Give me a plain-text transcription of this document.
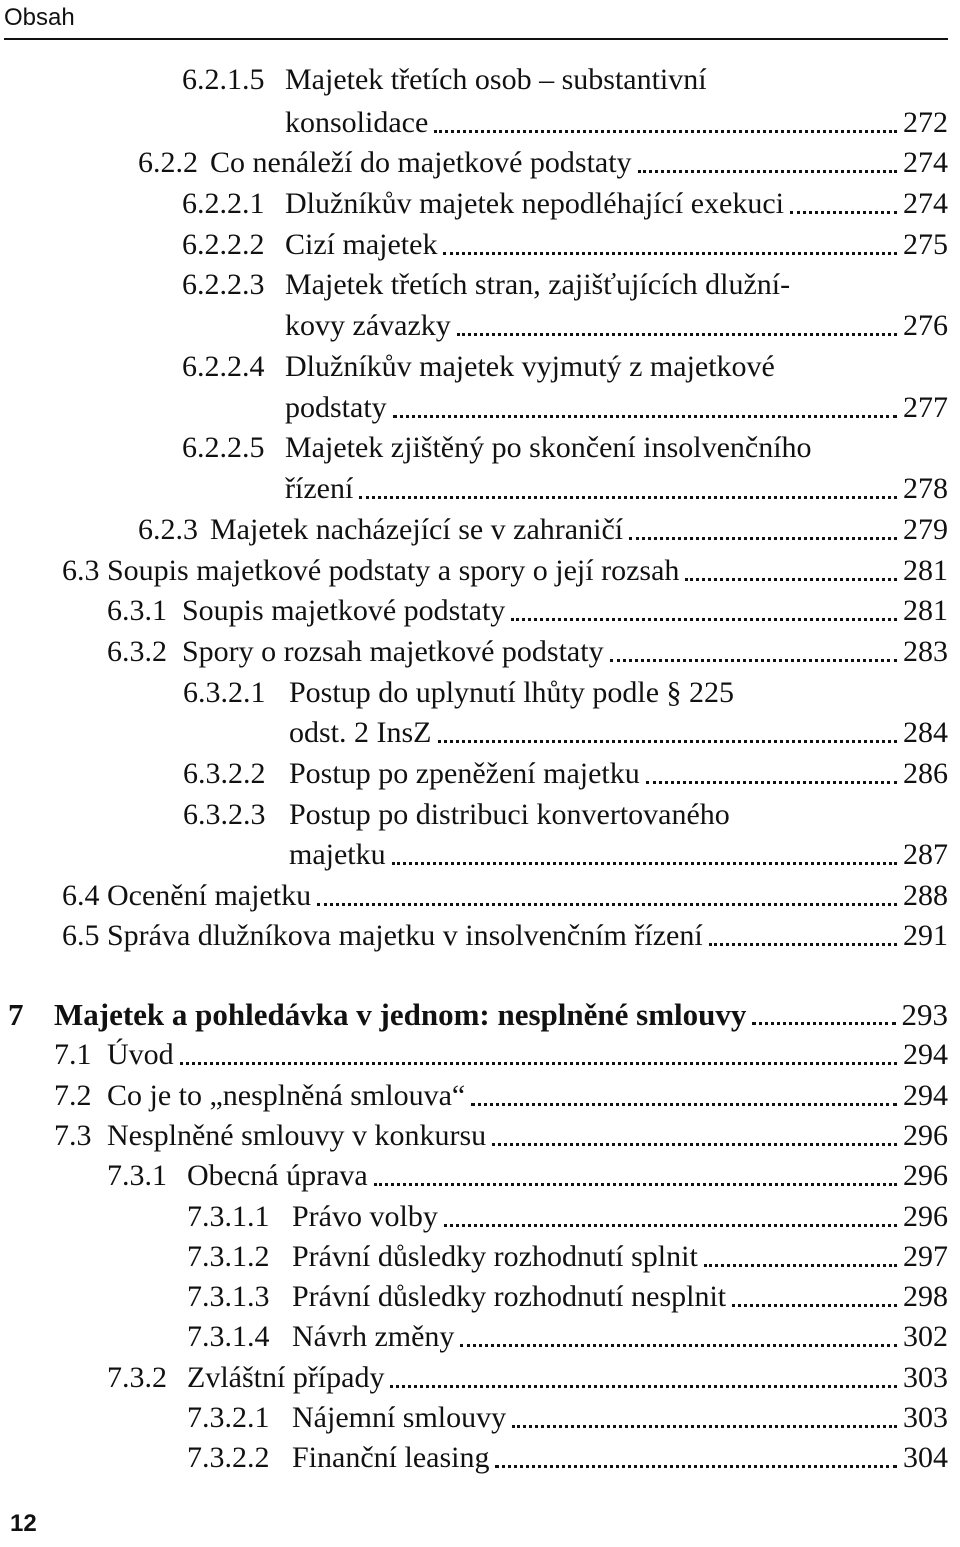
Obsah
6.2.1.5 Majetek třetích osob – substantivní
konsolidace	272
6.2.2 Co nenáleží do majetkové podstaty	274
6.2.2.1 Dlužníkův majetek nepodléhající exekuci	274
6.2.2.2 Cizí majetek	275
6.2.2.3 Majetek třetích stran, zajišťujících dlužní-
kovy závazky	276
6.2.2.4 Dlužníkův majetek vyjmutý z majetkové
podstaty	277
6.2.2.5 Majetek zjištěný po skončení insolvenčního
řízení	278
6.2.3 Majetek nacházející se v zahraničí	279
6.3 Soupis majetkové podstaty a spory o její rozsah	281
6.3.1 Soupis majetkové podstaty	281
6.3.2 Spory o rozsah majetkové podstaty	283
6.3.2.1 Postup do uplynutí lhůty podle § 225
odst. 2 InsZ	284
6.3.2.2 Postup po zpeněžení majetku	286
6.3.2.3 Postup po distribuci konvertovaného
majetku	287
6.4 Ocenění majetku	288
6.5 Správa dlužníkova majetku v insolvenčním řízení	291
7 Majetek a pohledávka v jednom: nesplněné smlouvy	293
7.1 Úvod	294
7.2 Co je to „nesplněná smlouva“	294
7.3 Nesplněné smlouvy v konkursu	296
7.3.1 Obecná úprava	296
7.3.1.1 Právo volby	296
7.3.1.2 Právní důsledky rozhodnutí splnit	297
7.3.1.3 Právní důsledky rozhodnutí nesplnit	298
7.3.1.4 Návrh změny	302
7.3.2 Zvláštní případy	303
7.3.2.1 Nájemní smlouvy	303
7.3.2.2 Finanční leasing	304
12
